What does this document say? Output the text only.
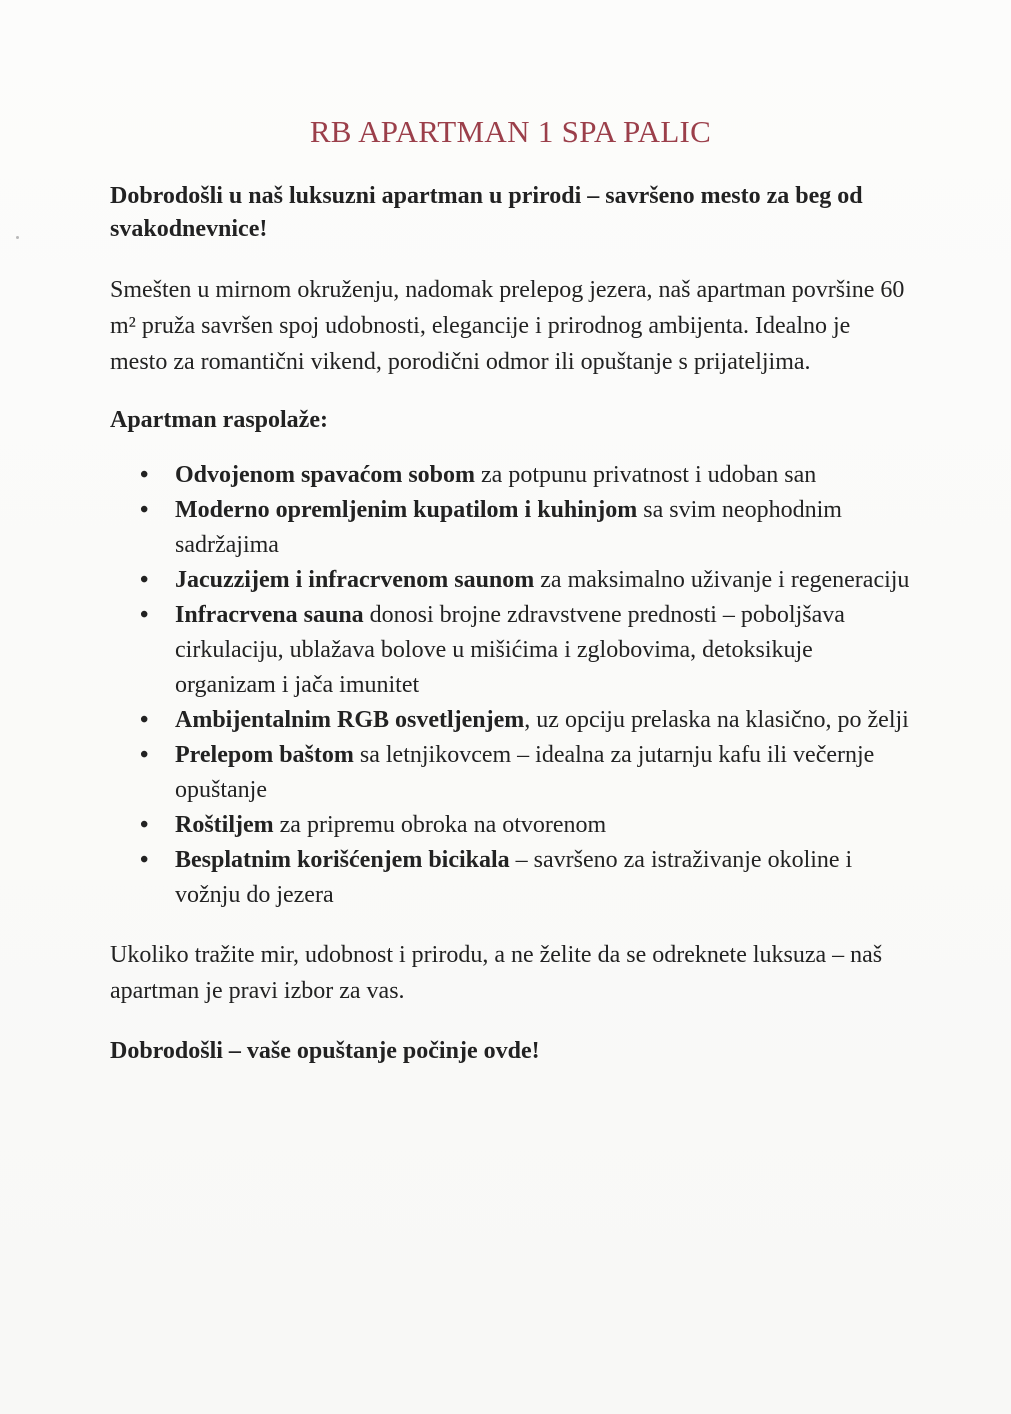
RB APARTMAN 1 SPA PALIC

Dobrodošli u naš luksuzni apartman u prirodi – savršeno mesto za beg od svakodnevnice!

Smešten u mirnom okruženju, nadomak prelepog jezera, naš apartman površine 60 m² pruža savršen spoj udobnosti, elegancije i prirodnog ambijenta. Idealno je mesto za romantični vikend, porodični odmor ili opuštanje s prijateljima.

Apartman raspolaže:

• Odvojenom spavaćom sobom za potpunu privatnost i udoban san
• Moderno opremljenim kupatilom i kuhinjom sa svim neophodnim sadržajima
• Jacuzzijem i infracrvenom saunom za maksimalno uživanje i regeneraciju
• Infracrvena sauna donosi brojne zdravstvene prednosti – poboljšava cirkulaciju, ublažava bolove u mišićima i zglobovima, detoksikuje organizam i jača imunitet
• Ambijentalnim RGB osvetljenjem, uz opciju prelaska na klasično, po želji
• Prelepom baštom sa letnjikovcem – idealna za jutarnju kafu ili večernje opuštanje
• Roštiljem za pripremu obroka na otvorenom
• Besplatnim korišćenjem bicikala – savršeno za istraživanje okoline i vožnju do jezera

Ukoliko tražite mir, udobnost i prirodu, a ne želite da se odreknete luksuza – naš apartman je pravi izbor za vas.

Dobrodošli – vaše opuštanje počinje ovde!
